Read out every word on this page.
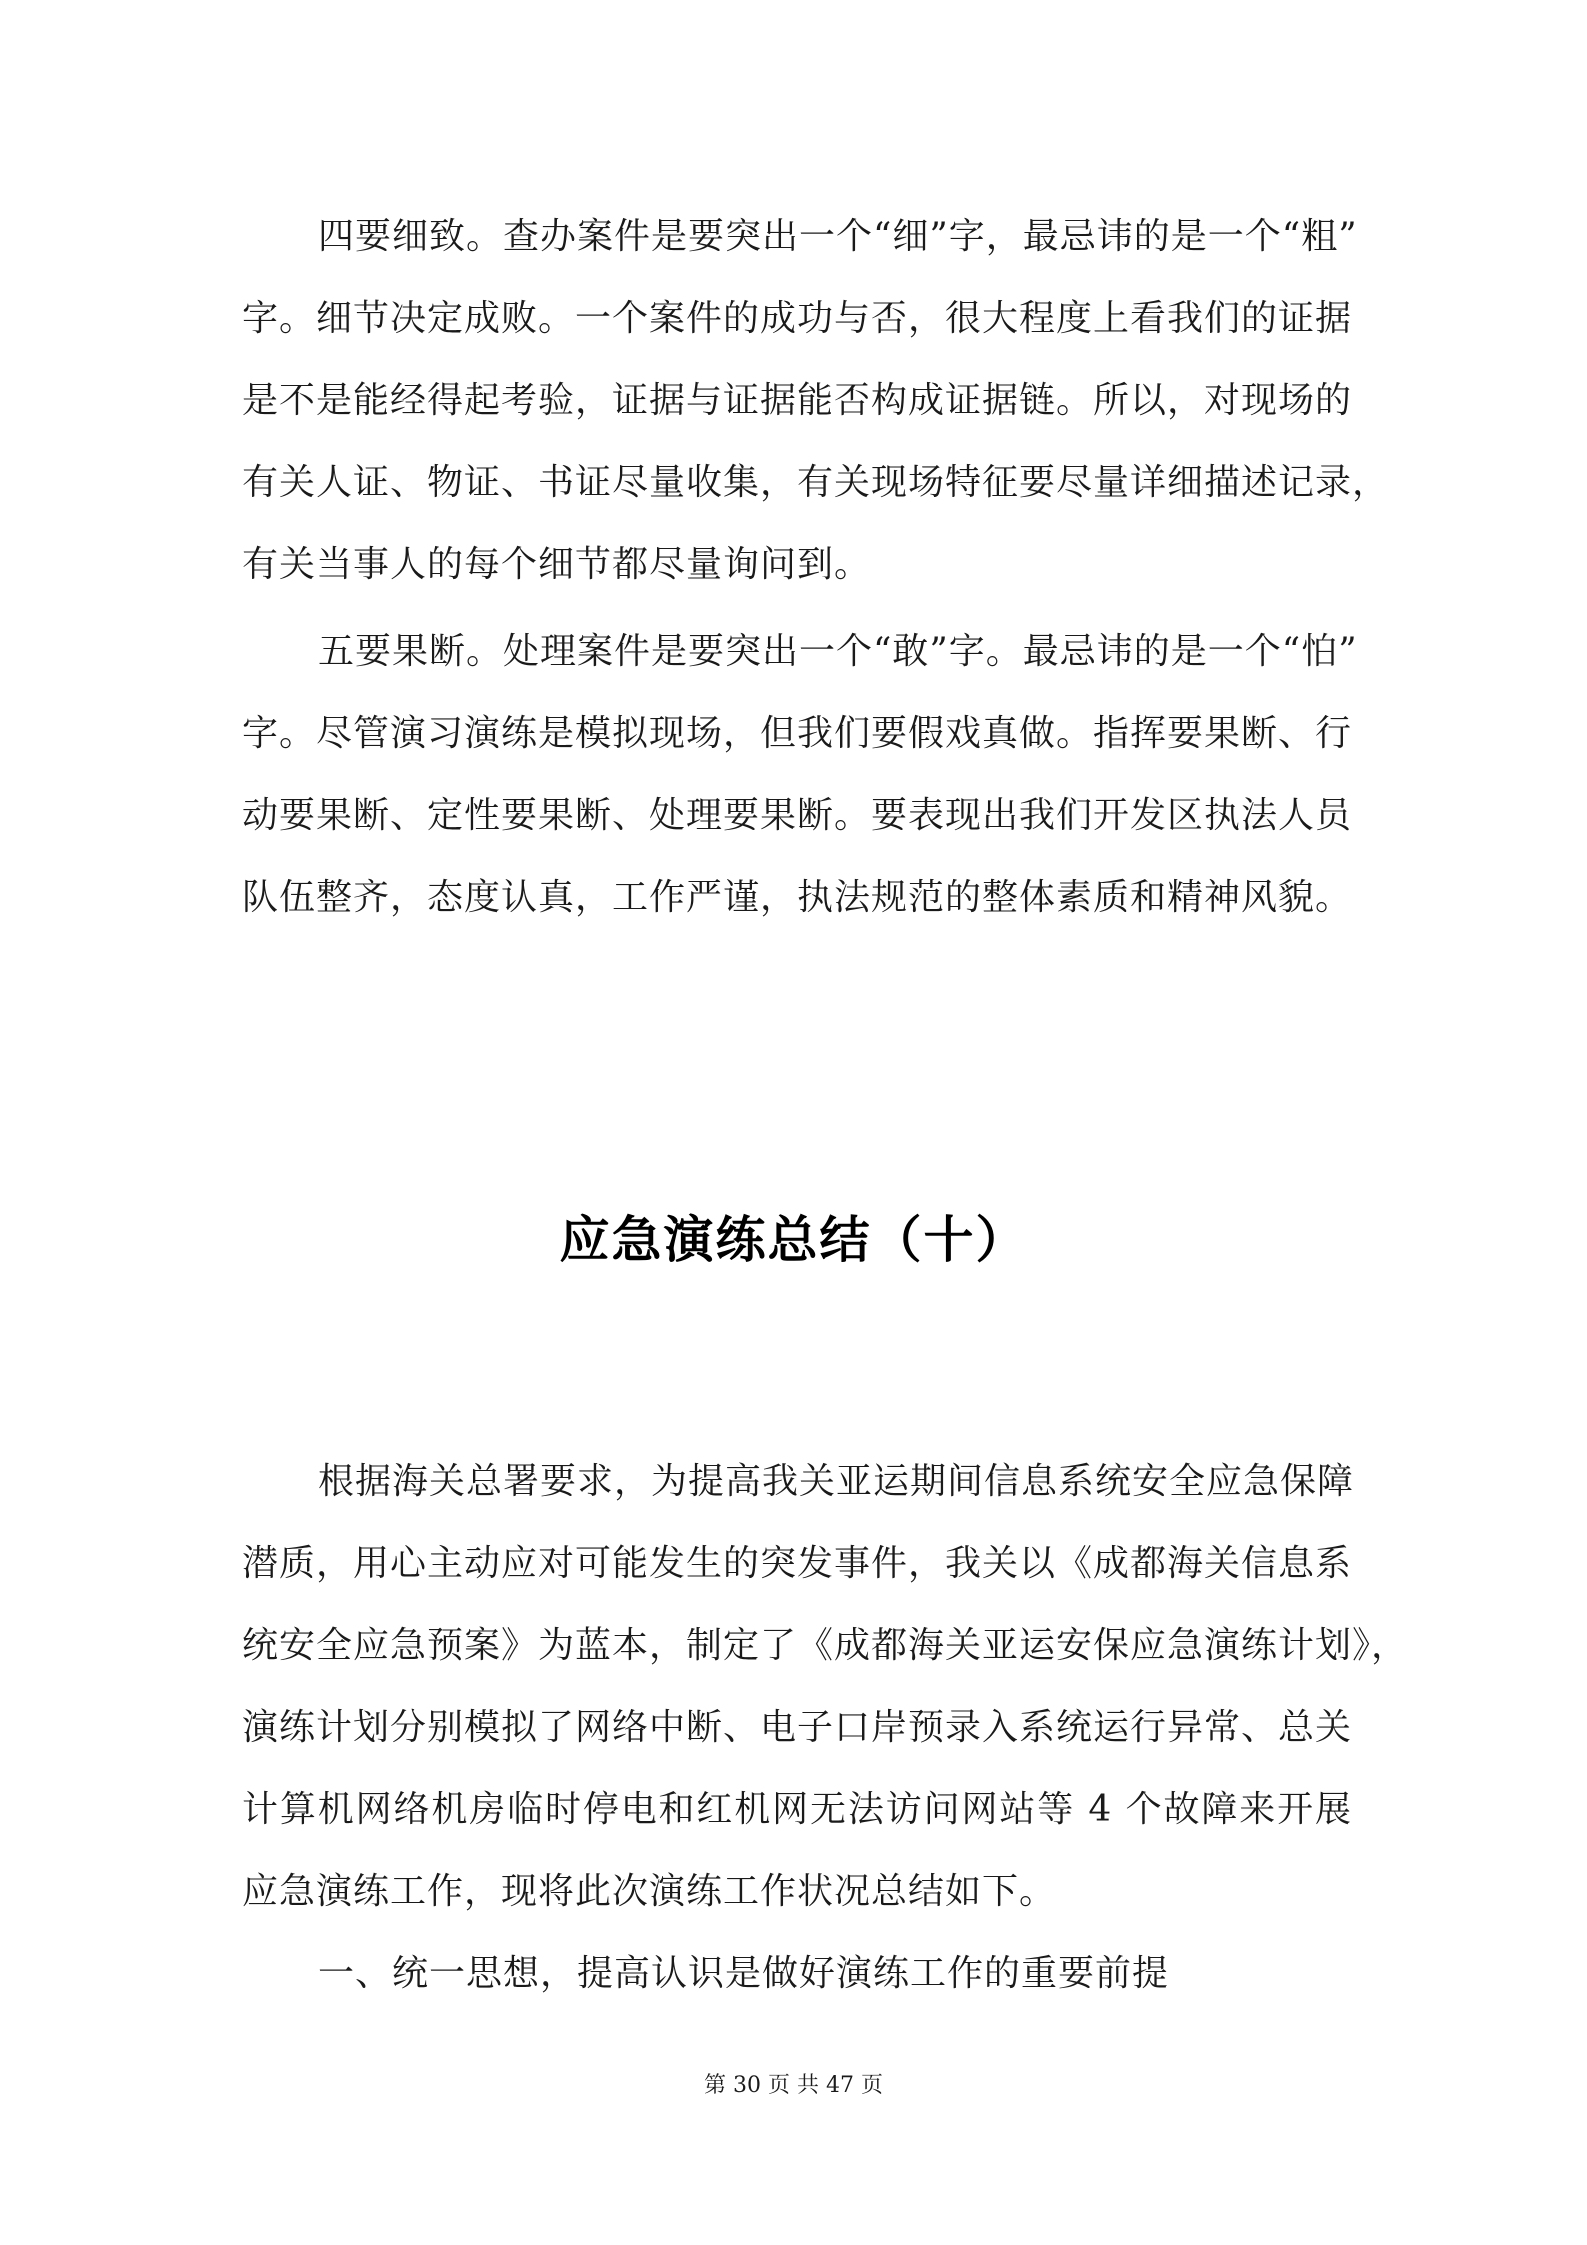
四要细致。查办案件是要突出一个“细”字，最忌讳的是一个“粗”
字。细节决定成败。一个案件的成功与否，很大程度上看我们的证据
是不是能经得起考验，证据与证据能否构成证据链。所以，对现场的
有关人证、物证、书证尽量收集，有关现场特征要尽量详细描述记录，
有关当事人的每个细节都尽量询问到。
五要果断。处理案件是要突出一个“敢”字。最忌讳的是一个“怕”
字。尽管演习演练是模拟现场，但我们要假戏真做。指挥要果断、行
动要果断、定性要果断、处理要果断。要表现出我们开发区执法人员
队伍整齐，态度认真，工作严谨，执法规范的整体素质和精神风貌。
应急演练总结（十）
根据海关总署要求，为提高我关亚运期间信息系统安全应急保障
潜质，用心主动应对可能发生的突发事件，我关以《成都海关信息系
统安全应急预案》为蓝本，制定了《成都海关亚运安保应急演练计划》，
演练计划分别模拟了网络中断、电子口岸预录入系统运行异常、总关
计算机网络机房临时停电和红机网无法访问网站等 4 个故障来开展
应急演练工作，现将此次演练工作状况总结如下。
一、统一思想，提高认识是做好演练工作的重要前提
第 30 页 共 47 页
